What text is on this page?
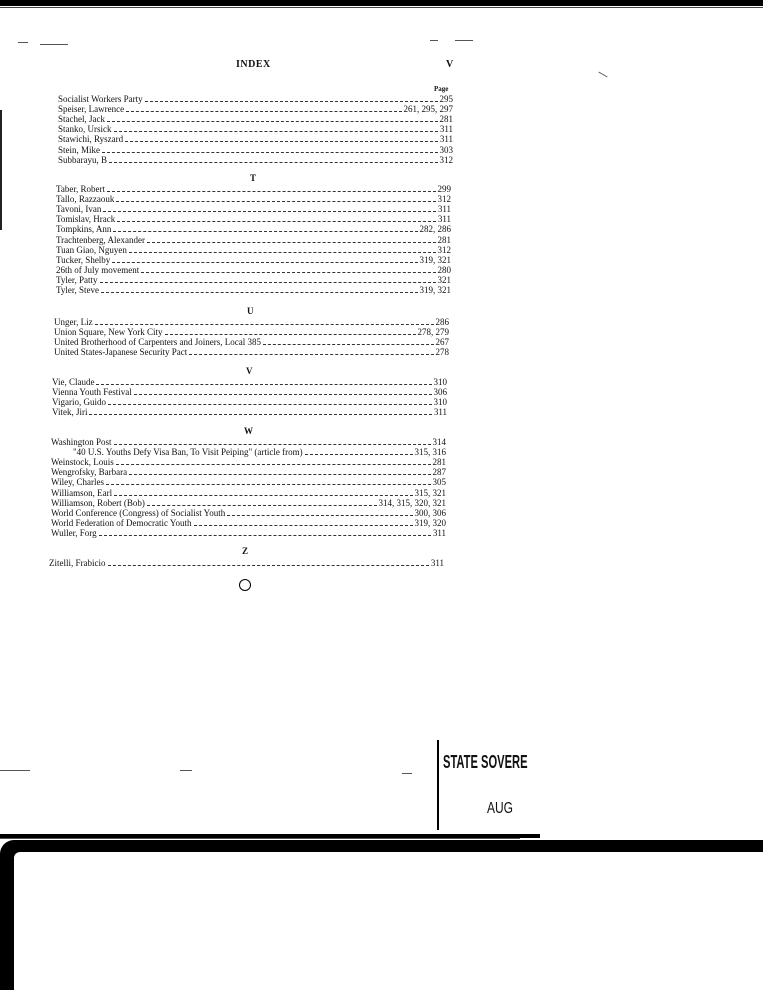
INDEX	V
Page
Socialist Workers Party	295
Speiser, Lawrence	261, 295, 297
Stachel, Jack	281
Stanko, Ursick	311
Stawichi, Ryszard	311
Stein, Mike	303
Subbarayu, B	312
T
Taber, Robert	299
Tallo, Razzaouk	312
Tavoni, Ivan	311
Tomislav, Hrack	311
Tompkins, Ann	282, 286
Trachtenberg, Alexander	281
Tuan Giao, Nguyen	312
Tucker, Shelby	319, 321
26th of July movement	280
Tyler, Patty	321
Tyler, Steve	319, 321
U
Unger, Liz	286
Union Square, New York City	278, 279
United Brotherhood of Carpenters and Joiners, Local 385	267
United States-Japanese Security Pact	278
V
Vie, Claude	310
Vienna Youth Festival	306
Vigario, Guido	310
Vitek, Jiri	311
W
Washington Post	314
"40 U.S. Youths Defy Visa Ban, To Visit Peiping" (article from)	315, 316
Weinstock, Louis	281
Wengrofsky, Barbara	287
Wiley, Charles	305
Williamson, Earl	315, 321
Williamson, Robert (Bob)	314, 315, 320, 321
World Conference (Congress) of Socialist Youth	300, 306
World Federation of Democratic Youth	319, 320
Wuller, Forg	311
Z
Zitelli, Frabicio	311
STATE SOVERE
AUG
